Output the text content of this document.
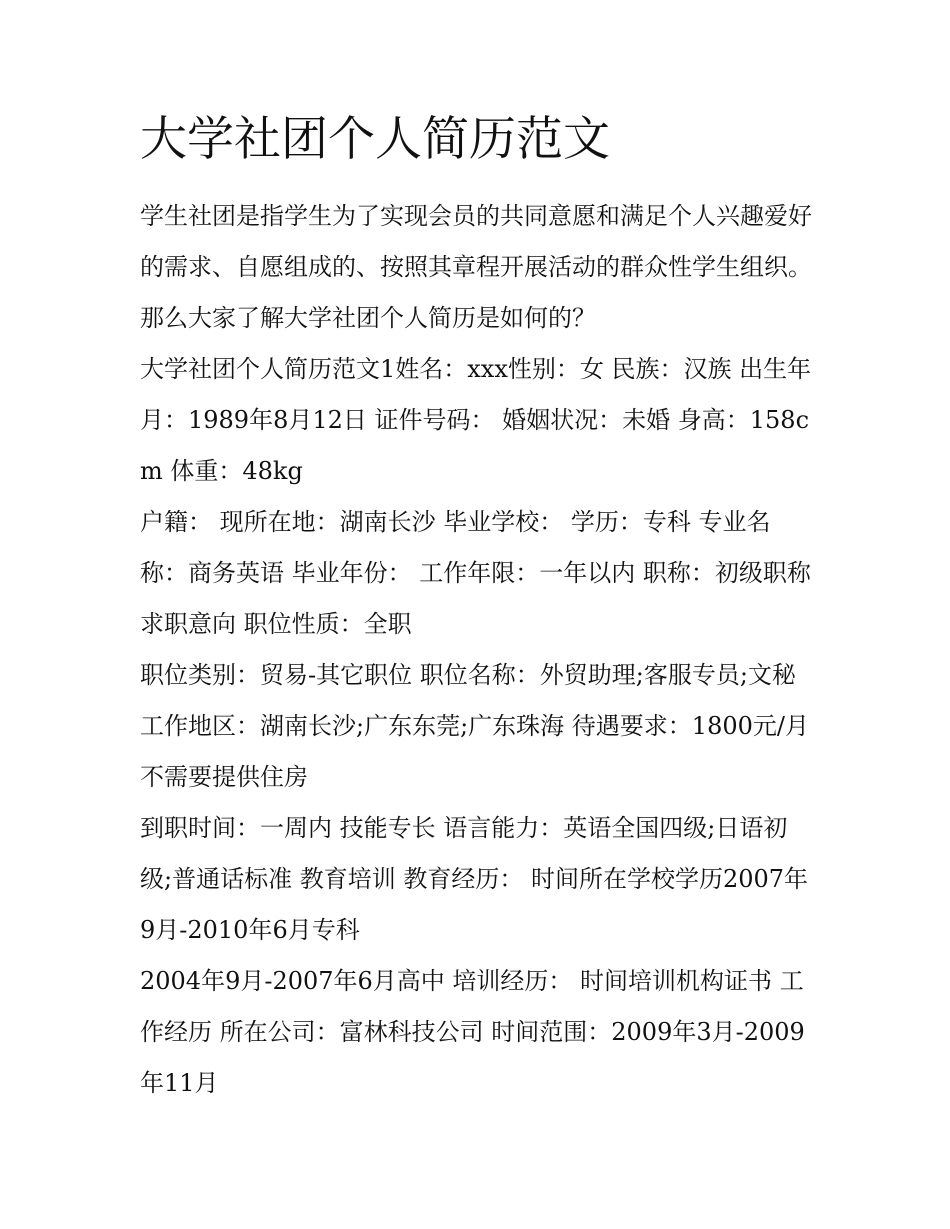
大学社团个人简历范文

学生社团是指学生为了实现会员的共同意愿和满足个人兴趣爱好的需求、自愿组成的、按照其章程开展活动的群众性学生组织。那么大家了解大学社团个人简历是如何的？

大学社团个人简历范文1姓名：xxx性别：女 民族：汉族 出生年月：1989年8月12日 证件号码： 婚姻状况：未婚 身高：158cm 体重：48kg

户籍： 现所在地：湖南长沙 毕业学校： 学历：专科 专业名称：商务英语 毕业年份： 工作年限：一年以内 职称：初级职称 求职意向 职位性质：全职

职位类别：贸易-其它职位 职位名称：外贸助理;客服专员;文秘 工作地区：湖南长沙;广东东莞;广东珠海 待遇要求：1800元/月不需要提供住房

到职时间：一周内 技能专长 语言能力：英语全国四级;日语初级;普通话标准 教育培训 教育经历： 时间所在学校学历2007年9月-2010年6月专科

2004年9月-2007年6月高中 培训经历： 时间培训机构证书 工作经历 所在公司：富林科技公司 时间范围：2009年3月-2009年11月
